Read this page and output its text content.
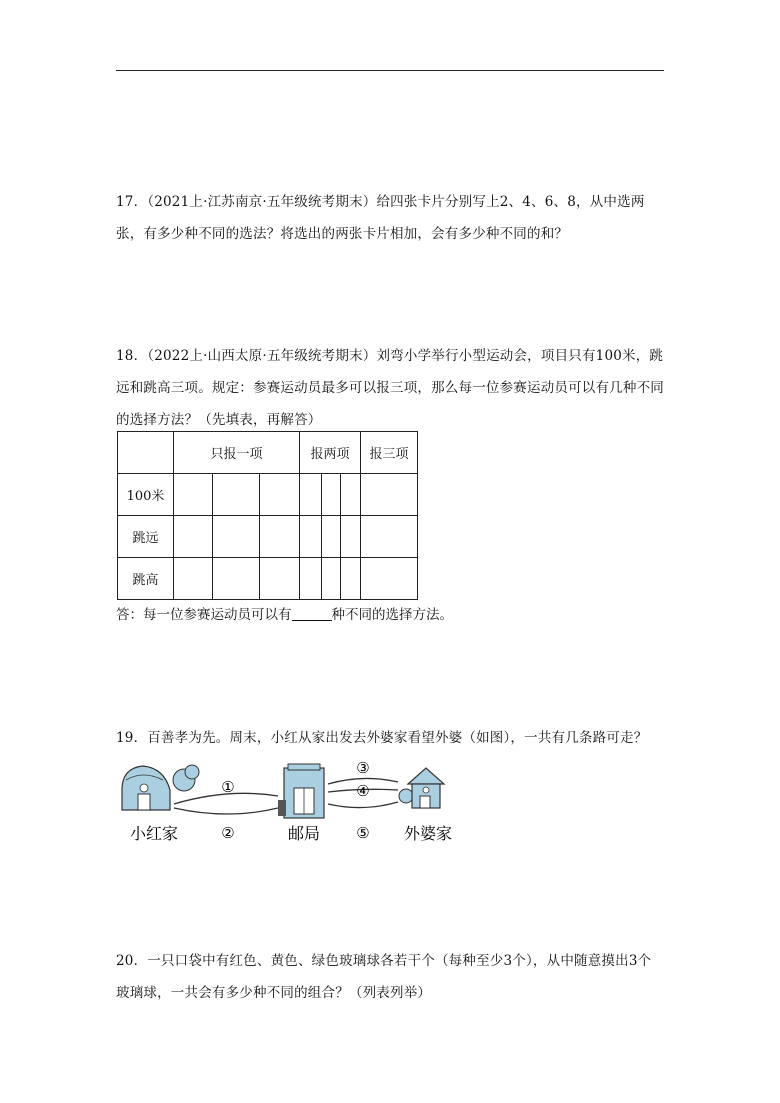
17．（2021上·江苏南京·五年级统考期末）给四张卡片分别写上2、4、6、8，从中选两张，有多少种不同的选法？将选出的两张卡片相加，会有多少种不同的和？
18．（2022上·山西太原·五年级统考期末）刘弯小学举行小型运动会，项目只有100米，跳远和跳高三项。规定：参赛运动员最多可以报三项，那么每一位参赛运动员可以有几种不同的选择方法？（先填表，再解答）
	只报一项			报两项			报三项
100米							
跳远							
跳高							
答：每一位参赛运动员可以有	种不同的选择方法。
19．百善孝为先。周末，小红从家出发去外婆家看望外婆（如图），一共有几条路可走？
①
②
③
④
⑤
小红家	邮局	外婆家
20．一只口袋中有红色、黄色、绿色玻璃球各若干个（每种至少3个），从中随意摸出3个玻璃球，一共会有多少种不同的组合？（列表列举）
